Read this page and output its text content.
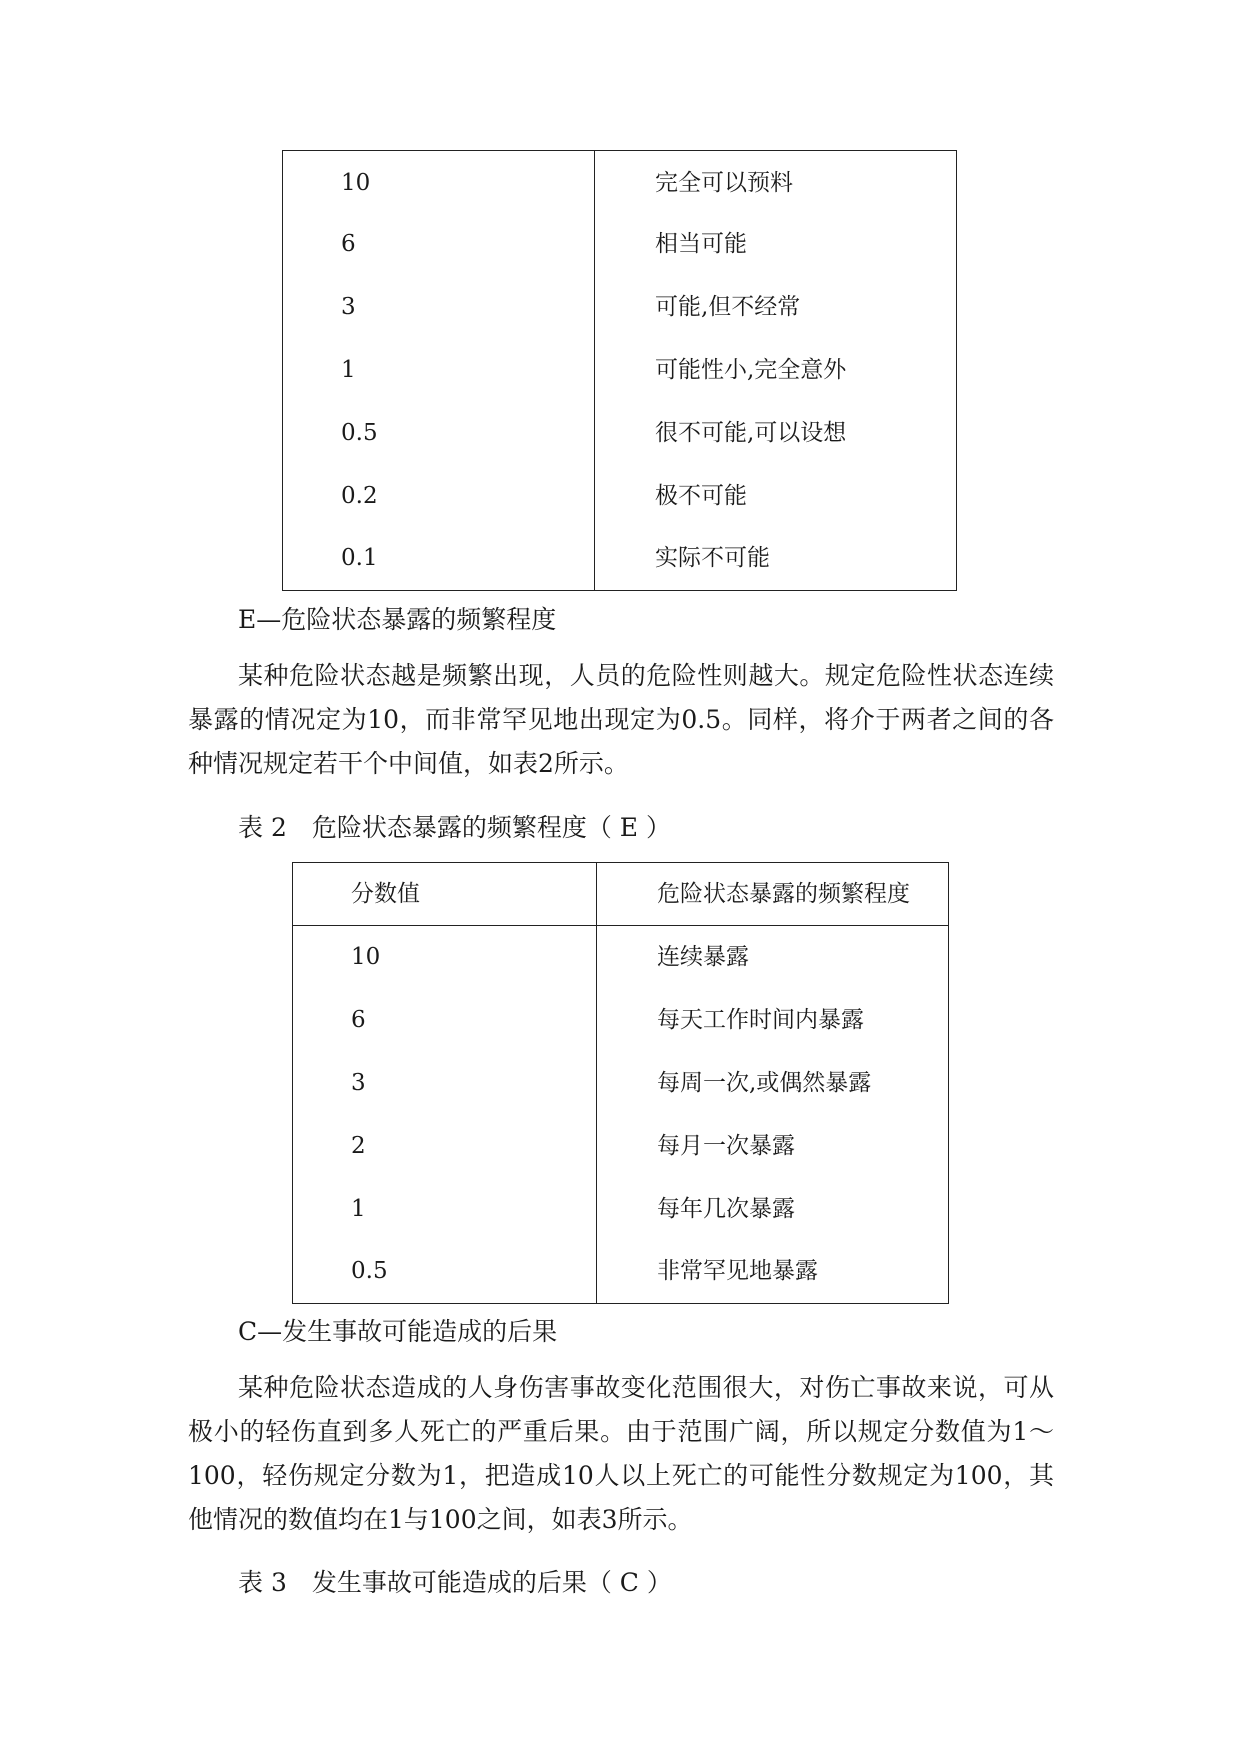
10	完全可以预料
6	相当可能
3	可能,但不经常
1	可能性小,完全意外
0.5	很不可能,可以设想
0.2	极不可能
0.1	实际不可能

E—危险状态暴露的频繁程度

某种危险状态越是频繁出现，人员的危险性则越大。规定危险性状态连续暴露的情况定为10，而非常罕见地出现定为0.5。同样，将介于两者之间的各种情况规定若干个中间值，如表2所示。

表 2　危险状态暴露的频繁程度（ E ）

分数值	危险状态暴露的频繁程度
10	连续暴露
6	每天工作时间内暴露
3	每周一次,或偶然暴露
2	每月一次暴露
1	每年几次暴露
0.5	非常罕见地暴露

C—发生事故可能造成的后果

某种危险状态造成的人身伤害事故变化范围很大，对伤亡事故来说，可从极小的轻伤直到多人死亡的严重后果。由于范围广阔，所以规定分数值为1～100，轻伤规定分数为1，把造成10人以上死亡的可能性分数规定为100，其他情况的数值均在1与100之间，如表3所示。

表 3　发生事故可能造成的后果（ C ）
